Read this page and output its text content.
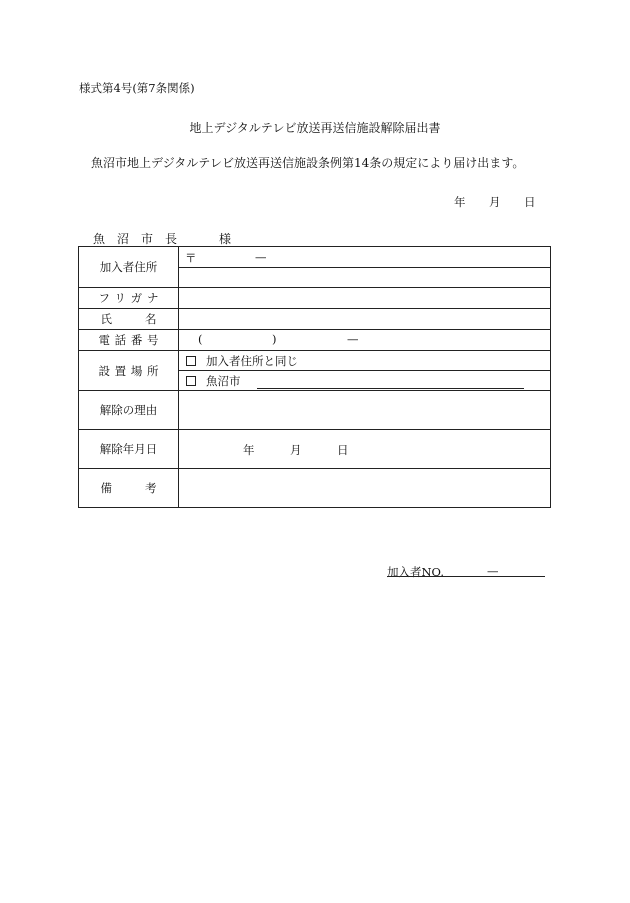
様式第4号(第7条関係)
地上デジタルテレビ放送再送信施設解除届出書
魚沼市地上デジタルテレビ放送再送信施設条例第14条の規定により届け出ます。
年 月 日
魚　沼　市　長	様
加入者住所	〒 —

フリガナ	
氏名	
電話番号	( ) —

設置場所	加入者住所と同じ
	魚沼市
解除の理由	
解除年月日	年 月 日

備考	
加入者NO.	—
